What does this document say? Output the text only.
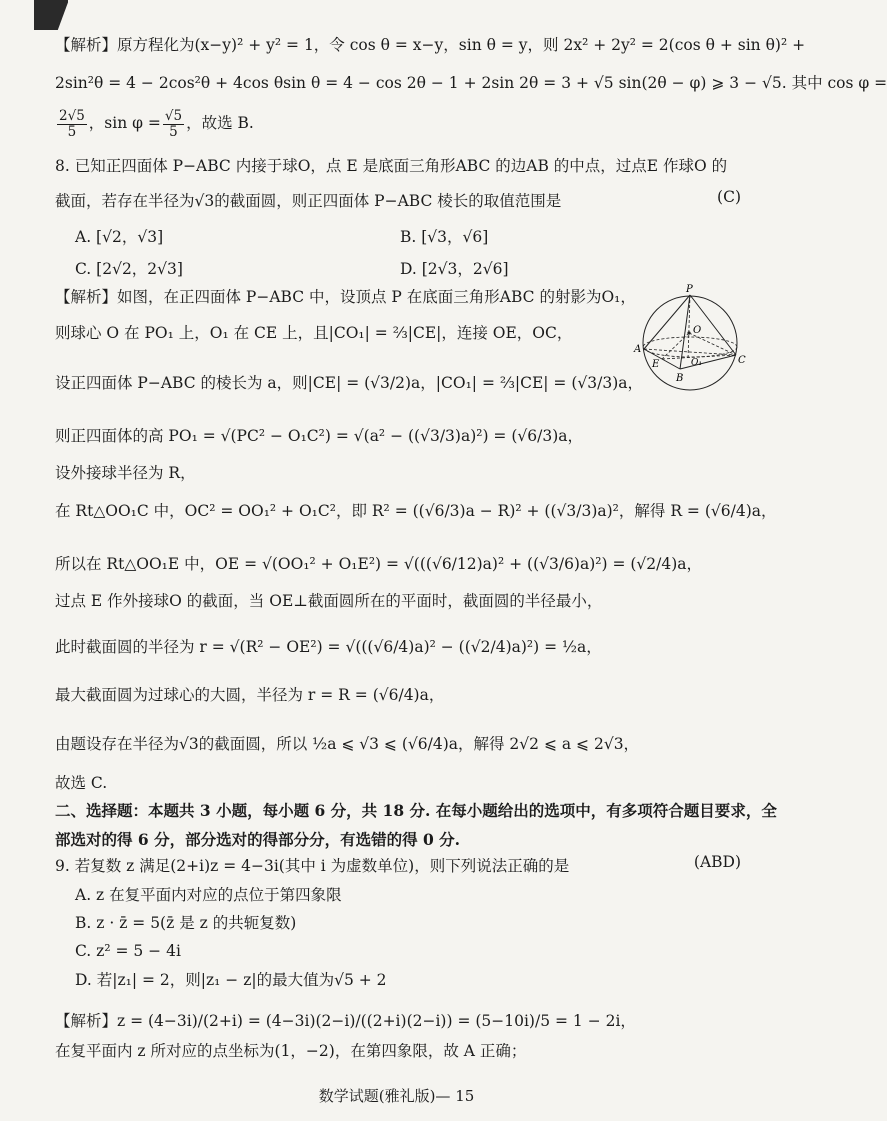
【解析】原方程化为(x−y)² + y² = 1，令 cos θ = x−y，sin θ = y，则 2x² + 2y² = 2(cos θ + sin θ)² +
2sin²θ = 4 − 2cos²θ + 4cos θsin θ = 4 − cos 2θ − 1 + 2sin 2θ = 3 + √5 sin(2θ − φ) ⩾ 3 − √5. 其中 cos φ =
$\frac{2√5}{5}$ ，$\sin \varphi = \frac{√5}{5}$ ，故选 B.
8. 已知正四面体 P−ABC 内接于球O，点 E 是底面三角形ABC 的边AB 的中点，过点E 作球O 的
截面，若存在半径为√3的截面圆，则正四面体 P−ABC 棱长的取值范围是	(C)
A. [√2，√3]	B. [√3，√6]
C. [2√2，2√3]	D. [2√3，2√6]
【解析】如图，在正四面体 P−ABC 中，设顶点 P 在底面三角形ABC 的射影为O₁，
则球心 O 在 PO₁ 上，O₁ 在 CE 上，且|CO₁| = ⅔|CE|，连接 OE，OC，
设正四面体 P−ABC 的棱长为 a，则|CE| = (√3/2)a，|CO₁| = ⅔|CE| = (√3/3)a，
则正四面体的高 PO₁ = √(PC² − O₁C²) = √(a² − ((√3/3)a)²) = (√6/3)a，
设外接球半径为 R，
在 Rt△OO₁C 中，OC² = OO₁² + O₁C²，即 R² = ((√6/3)a − R)² + ((√3/3)a)²，解得 R = (√6/4)a，
所以在 Rt△OO₁E 中，OE = √(OO₁² + O₁E²) = √(((√6/12)a)² + ((√3/6)a)²) = (√2/4)a，
过点 E 作外接球O 的截面，当 OE⊥截面圆所在的平面时，截面圆的半径最小，
此时截面圆的半径为 r = √(R² − OE²) = √(((√6/4)a)² − ((√2/4)a)²) = ½a，
最大截面圆为过球心的大圆，半径为 r = R = (√6/4)a，
由题设存在半径为√3的截面圆，所以 ½a ⩽ √3 ⩽ (√6/4)a，解得 2√2 ⩽ a ⩽ 2√3，
故选 C.
二、选择题：本题共 3 小题，每小题 6 分，共 18 分. 在每小题给出的选项中，有多项符合题目要求，全
部选对的得 6 分，部分选对的得部分分，有选错的得 0 分.
9. 若复数 z 满足(2+i)z = 4−3i(其中 i 为虚数单位)，则下列说法正确的是	(ABD)
A. z 在复平面内对应的点位于第四象限
B. z · z̄ = 5(z̄ 是 z 的共轭复数)
C. z² = 5 − 4i
D. 若|z₁| = 2，则|z₁ − z|的最大值为√5 + 2
【解析】z = (4−3i)/(2+i) = (4−3i)(2−i)/((2+i)(2−i)) = (5−10i)/5 = 1 − 2i，
在复平面内 z 所对应的点坐标为(1，−2)，在第四象限，故 A 正确；
数学试题(雅礼版)— 15
P
O
A
B
C
E	O₁
